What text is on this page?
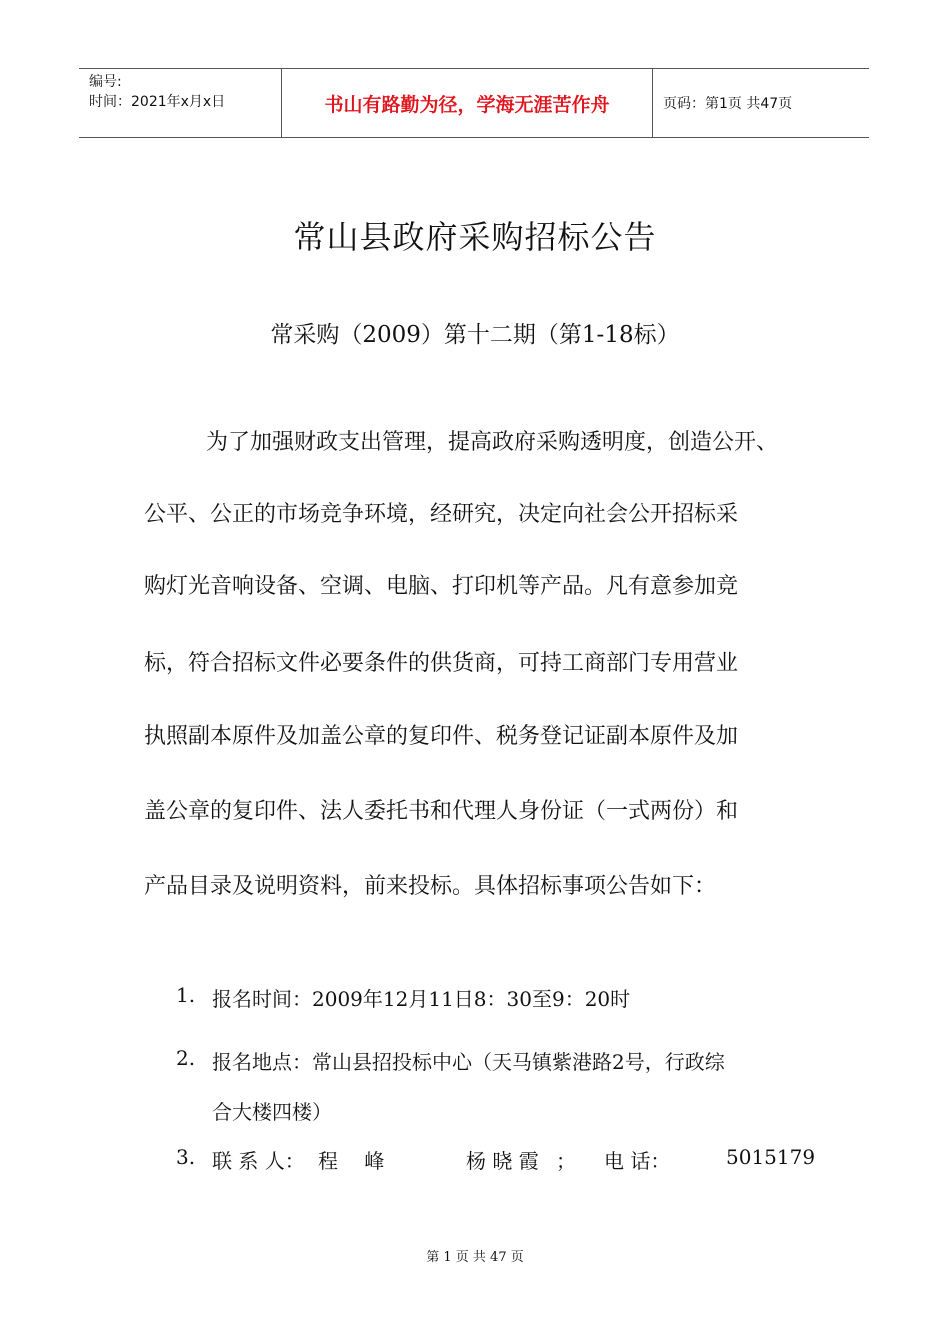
编号:
时间：2021年x月x日	书山有路勤为径，学海无涯苦作舟	页码：第1页 共47页
常山县政府采购招标公告
常采购（2009）第十二期（第1-18标）
为了加强财政支出管理，提高政府采购透明度，创造公开、
公平、公正的市场竞争环境，经研究，决定向社会公开招标采
购灯光音响设备、空调、电脑、打印机等产品。凡有意参加竞
标，符合招标文件必要条件的供货商，可持工商部门专用营业
执照副本原件及加盖公章的复印件、税务登记证副本原件及加
盖公章的复印件、法人委托书和代理人身份证（一式两份）和
产品目录及说明资料，前来投标。具体招标事项公告如下：
1. 报名时间：2009年12月11日8：30至9：20时
2. 报名地点：常山县招投标中心（天马镇紫港路2号，行政综
合大楼四楼）
3. 联 系 人： 程　 峰	杨 晓 霞 ； 电 话：	5015179
第 1 页 共 47 页
